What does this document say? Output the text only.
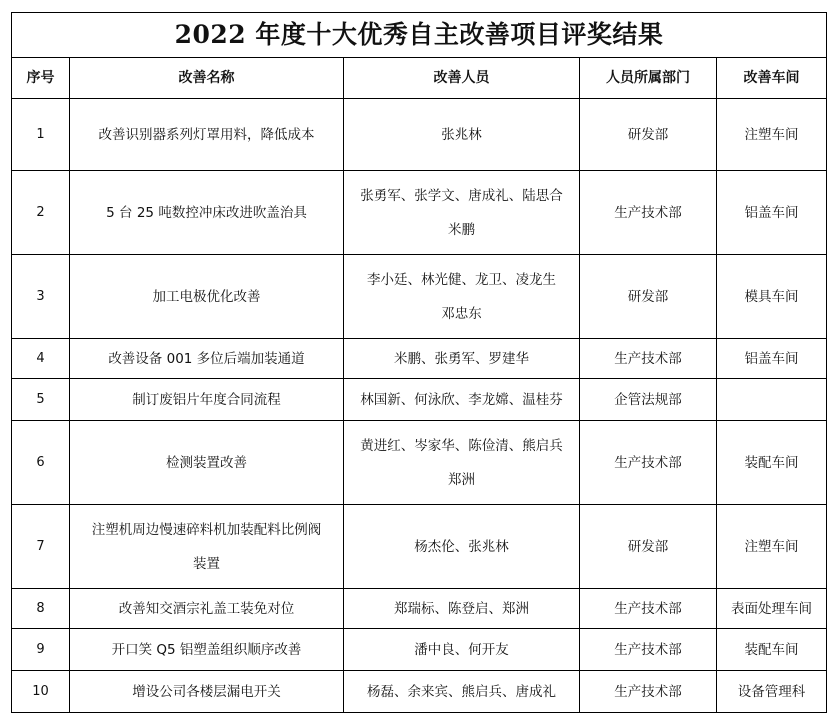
2022 年度十大优秀自主改善项目评奖结果				
序号	改善名称	改善人员	人员所属部门	改善车间
1	改善识别器系列灯罩用料，降低成本	张兆林	研发部	注塑车间
2	5 台 25 吨数控冲床改进吹盖治具	张勇军、张学文、唐成礼、陆思合
米鹏	生产技术部	铝盖车间
3	加工电极优化改善	李小廷、林光健、龙卫、凌龙生
邓忠东	研发部	模具车间
4	改善设备 001 多位后端加装通道	米鹏、张勇军、罗建华	生产技术部	铝盖车间
5	制订废铝片年度合同流程	林国新、何泳欣、李龙嫦、温桂芬	企管法规部	
6	检测装置改善	黄进红、岑家华、陈俭清、熊启兵
郑洲	生产技术部	装配车间
7	注塑机周边慢速碎料机加装配料比例阀
装置	杨杰伦、张兆林	研发部	注塑车间
8	改善知交酒宗礼盖工装免对位	郑瑞标、陈登启、郑洲	生产技术部	表面处理车间
9	开口笑 Q5 铝塑盖组织顺序改善	潘中良、何开友	生产技术部	装配车间
10	增设公司各楼层漏电开关	杨磊、余来宾、熊启兵、唐成礼	生产技术部	设备管理科
